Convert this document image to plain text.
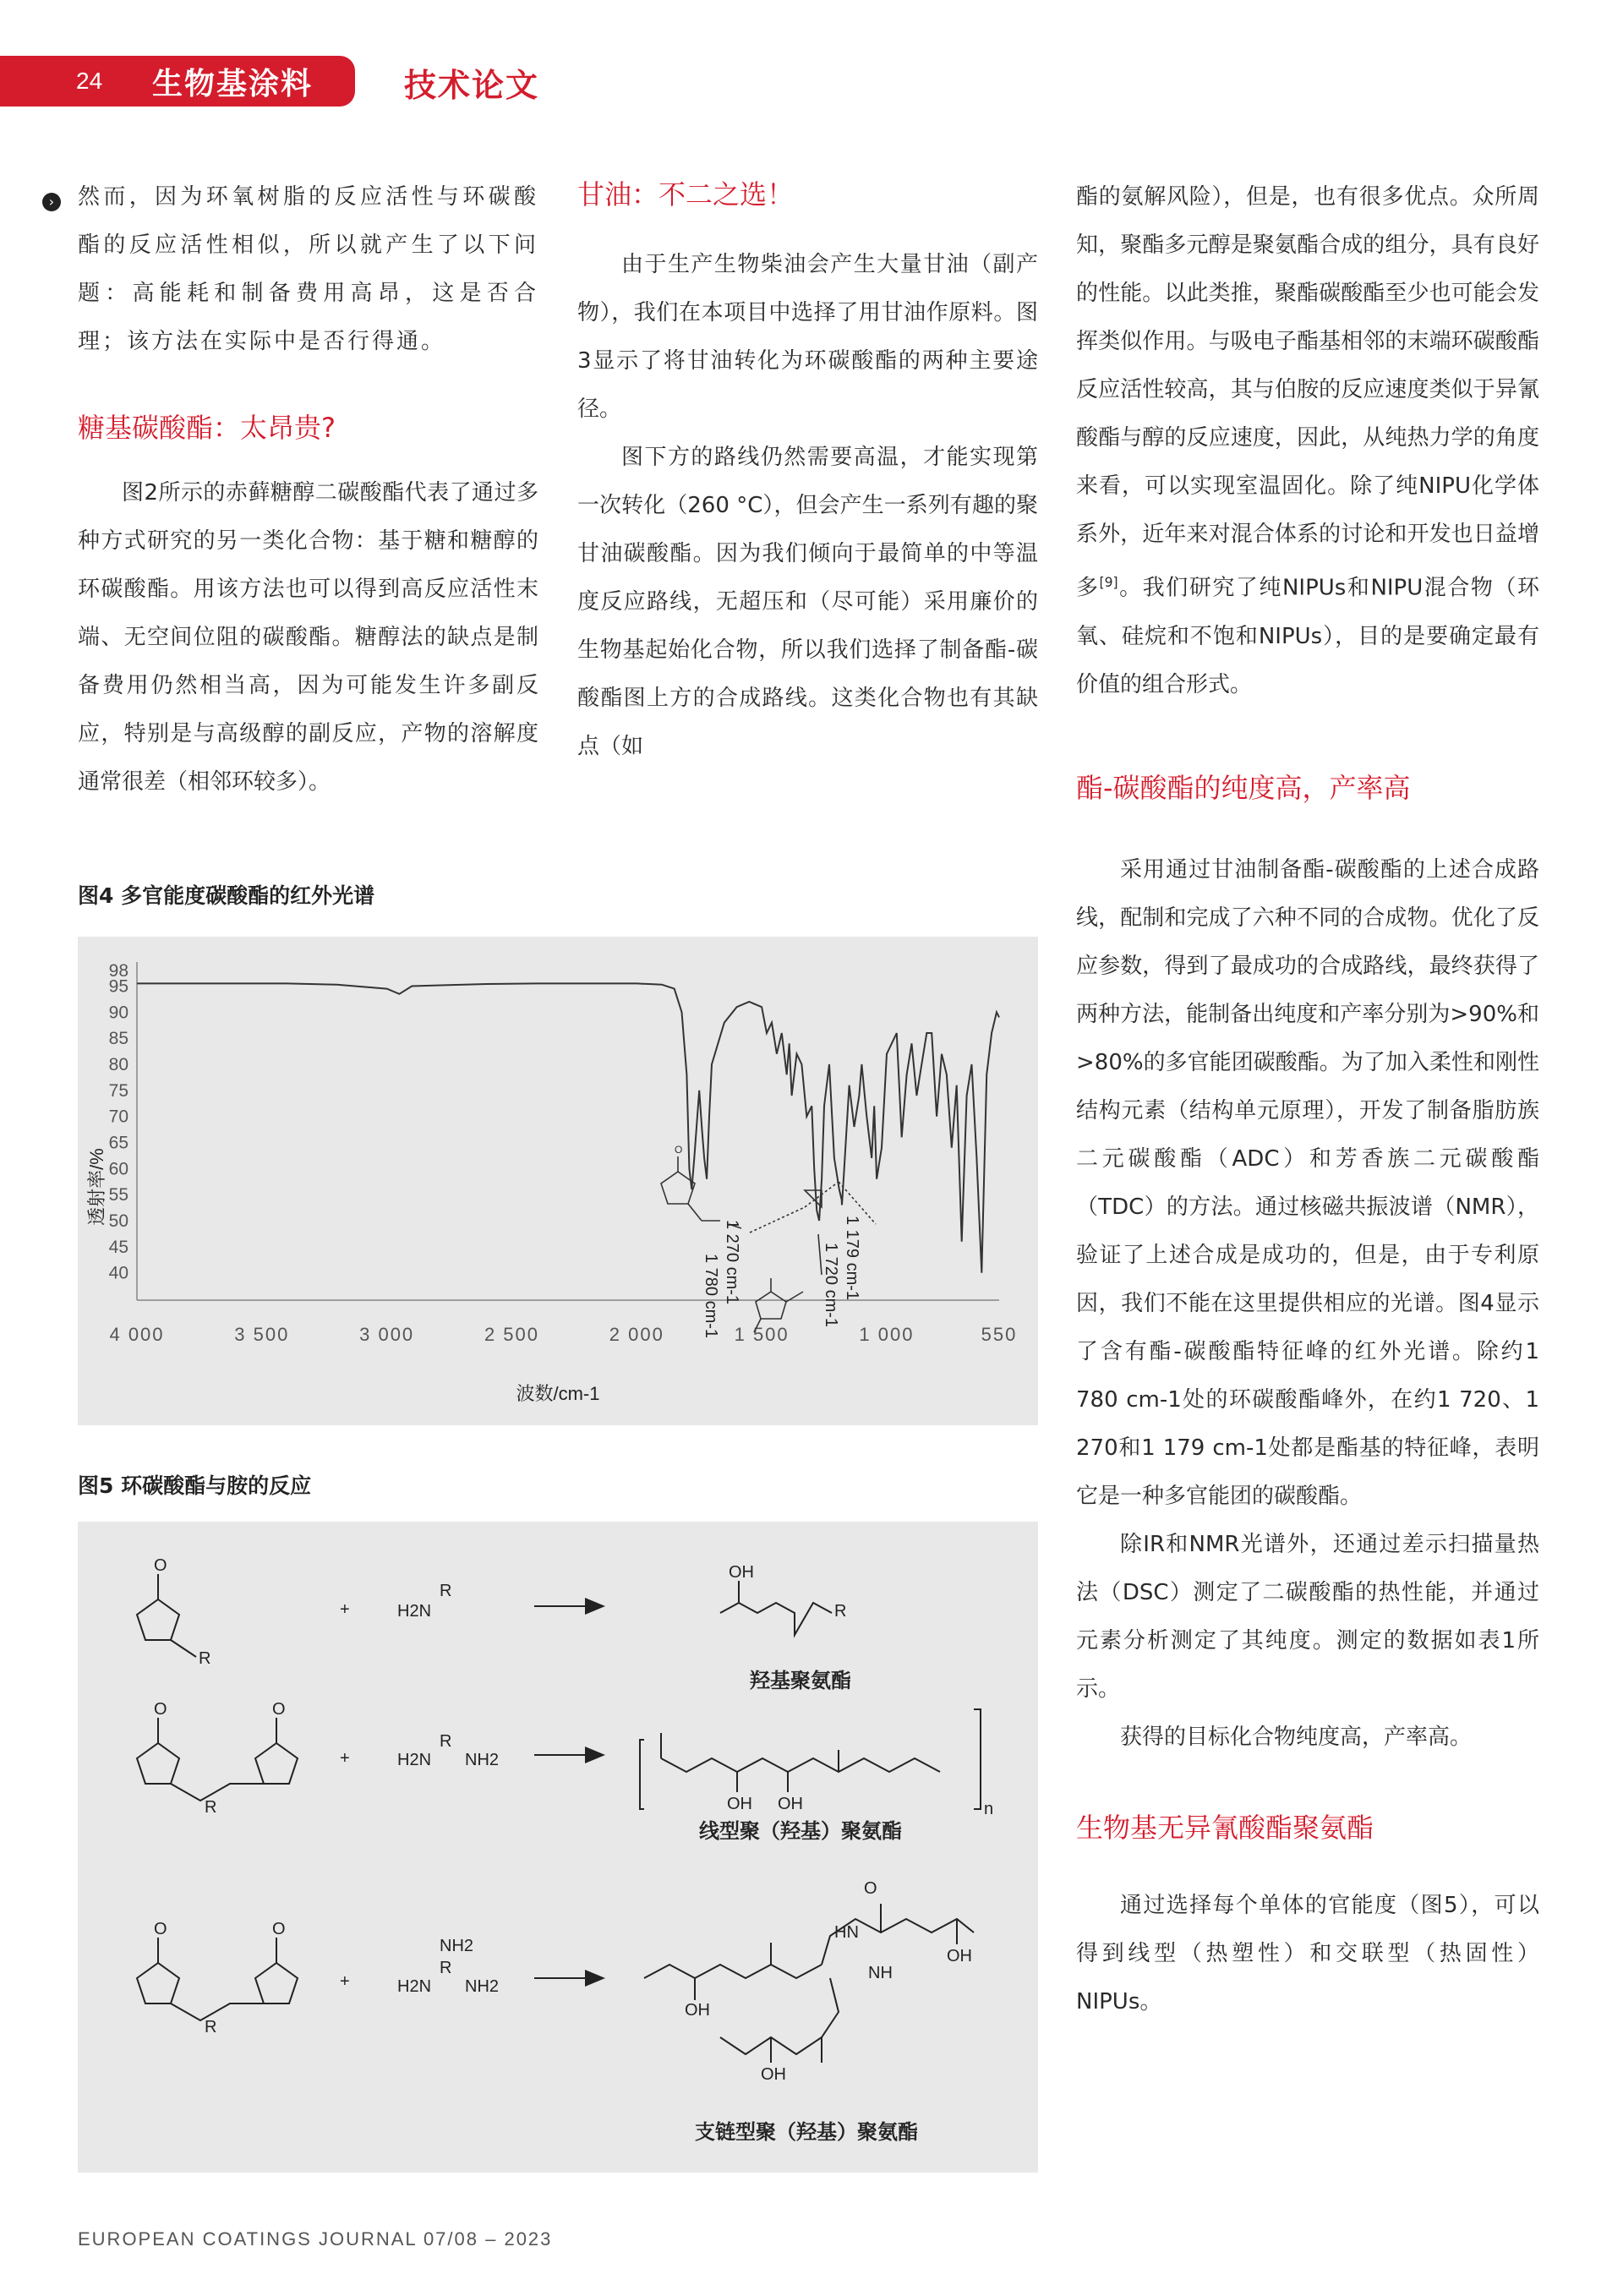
24	生物基涂料	技术论文
› 然而，因为环氧树脂的反应活性与环碳酸酯的反应活性相似，所以就产生了以下问题：高能耗和制备费用高昂，这是否合理；该方法在实际中是否行得通。

糖基碳酸酯：太昂贵?

图2所示的赤藓糖醇二碳酸酯代表了通过多种方式研究的另一类化合物：基于糖和糖醇的环碳酸酯。用该方法也可以得到高反应活性末端、无空间位阻的碳酸酯。糖醇法的缺点是制备费用仍然相当高，因为可能发生许多副反应，特别是与高级醇的副反应，产物的溶解度通常很差（相邻环较多）。

甘油：不二之选！

由于生产生物柴油会产生大量甘油（副产物），我们在本项目中选择了用甘油作原料。图3显示了将甘油转化为环碳酸酯的两种主要途径。

图下方的路线仍然需要高温，才能实现第一次转化（260 °C），但会产生一系列有趣的聚甘油碳酸酯。因为我们倾向于最简单的中等温度反应路线，无超压和（尽可能）采用廉价的生物基起始化合物，所以我们选择了制备酯-碳酸酯图上方的合成路线。这类化合物也有其缺点（如

酯的氨解风险），但是，也有很多优点。众所周知，聚酯多元醇是聚氨酯合成的组分，具有良好的性能。以此类推，聚酯碳酸酯至少也可能会发挥类似作用。与吸电子酯基相邻的末端环碳酸酯反应活性较高，其与伯胺的反应速度类似于异氰酸酯与醇的反应速度，因此，从纯热力学的角度来看，可以实现室温固化。除了纯NIPU化学体系外，近年来对混合体系的讨论和开发也日益增多[9]。我们研究了纯NIPUs和NIPU混合物（环氧、硅烷和不饱和NIPUs），目的是要确定最有价值的组合形式。

酯-碳酸酯的纯度高，产率高

采用通过甘油制备酯-碳酸酯的上述合成路线，配制和完成了六种不同的合成物。优化了反应参数，得到了最成功的合成路线，最终获得了两种方法，能制备出纯度和产率分别为>90%和>80%的多官能团碳酸酯。为了加入柔性和刚性结构元素（结构单元原理），开发了制备脂肪族二元碳酸酯（ADC）和芳香族二元碳酸酯（TDC）的方法。通过核磁共振波谱（NMR），验证了上述合成是成功的，但是，由于专利原因，我们不能在这里提供相应的光谱。图4显示了含有酯-碳酸酯特征峰的红外光谱。除约1 780 cm-1处的环碳酸酯峰外，在约1 720、1 270和1 179 cm-1处都是酯基的特征峰，表明它是一种多官能团的碳酸酯。

除IR和NMR光谱外，还通过差示扫描量热法（DSC）测定了二碳酸酯的热性能，并通过元素分析测定了其纯度。测定的数据如表1所示。

获得的目标化合物纯度高，产率高。

生物基无异氰酸酯聚氨酯

通过选择每个单体的官能度（图5），可以得到线型（热塑性）和交联型（热固性）NIPUs。

图4 多官能度碳酸酯的红外光谱
98
95
90
85
80
75
70
65
60
55
50
45
40
4 000	3 500	3 000	2 500	2 000	1 500	1 000	550
O
1 780 cm-1 1 270 cm-1	1 720 cm-1 1 179 cm-1
透射率/%
波数/cm-1
图5 环碳酸酯与胺的反应
O
R
+	H2N
R
OH
R
O	O
R
+	H2N
R
NH2
OH OH	n
O	O
R
+
NH2
H2N
R
NH2
OH
OH
OH
O
HN
NH
羟基聚氨酯
线型聚（羟基）聚氨酯
支链型聚（羟基）聚氨酯
EUROPEAN COATINGS JOURNAL 07/08 – 2023
